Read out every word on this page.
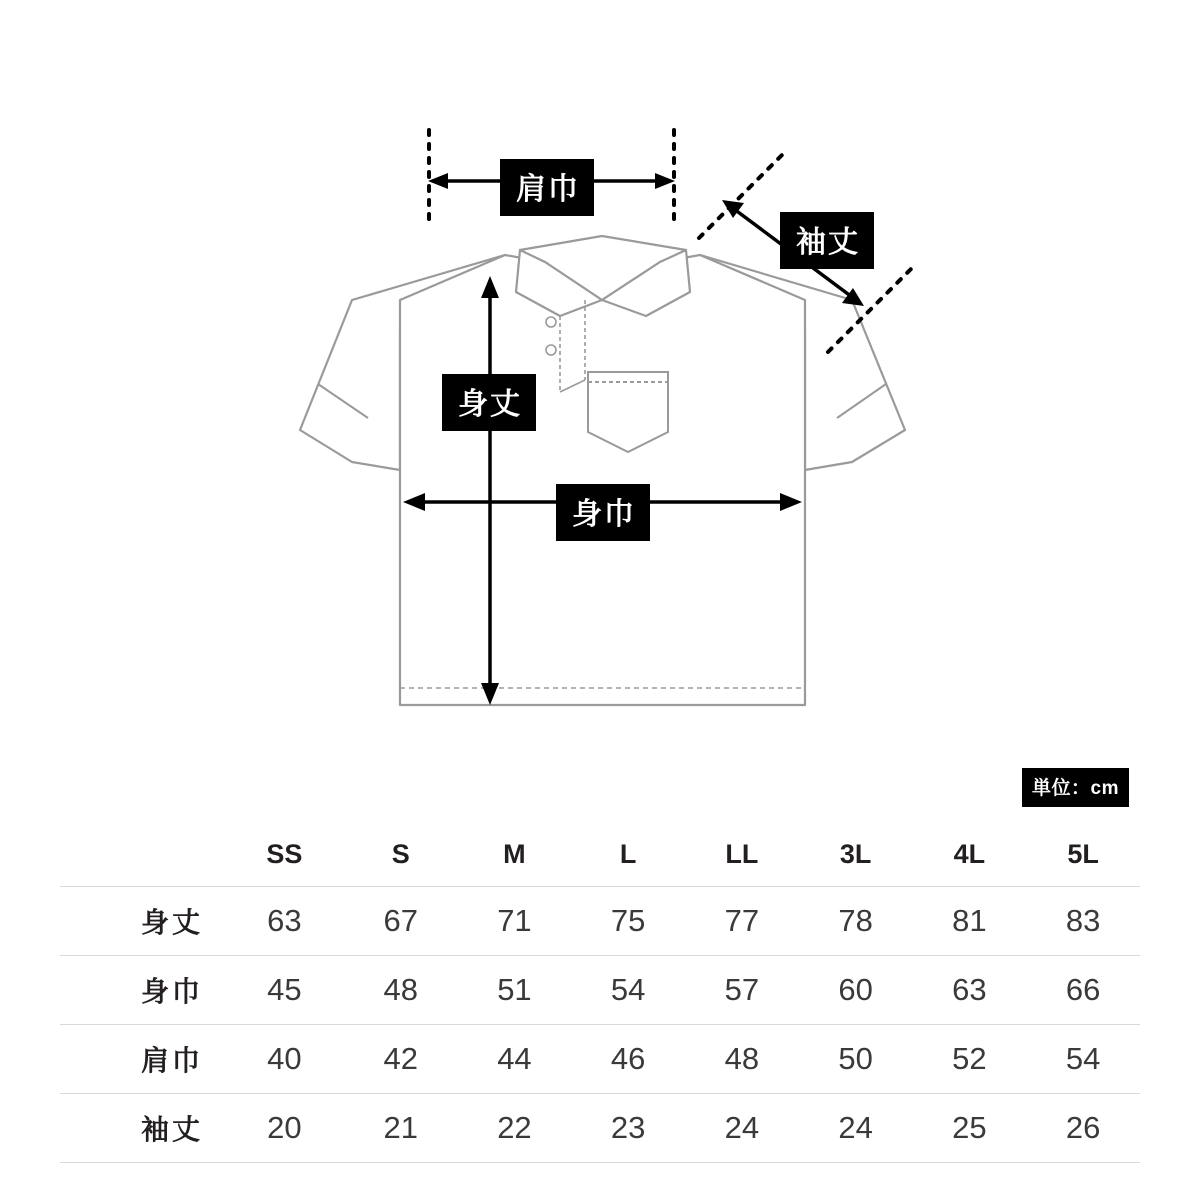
肩巾
袖丈
身丈
身巾
単位：cm
	SS	S	M	L	LL	3L	4L	5L
身丈	63	67	71	75	77	78	81	83
身巾	45	48	51	54	57	60	63	66
肩巾	40	42	44	46	48	50	52	54
袖丈	20	21	22	23	24	24	25	26
